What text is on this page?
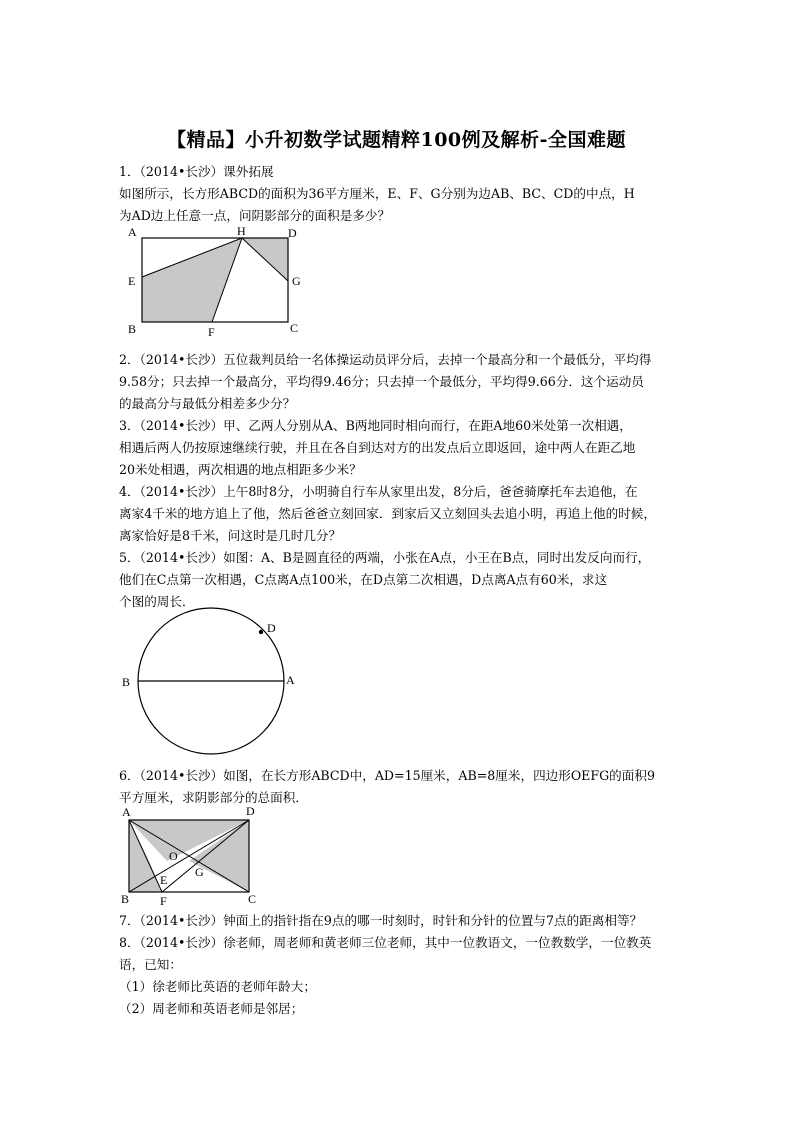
【精品】小升初数学试题精粹100例及解析-全国难题
1．（2014•长沙）课外拓展
如图所示，长方形ABCD的面积为36平方厘米，E、F、G分别为边AB、BC、CD的中点，H
为AD边上任意一点，问阴影部分的面积是多少？
A	H	D
E	G
B	F	C
2．（2014•长沙）五位裁判员给一名体操运动员评分后，去掉一个最高分和一个最低分，平均得
9.58分；只去掉一个最高分，平均得9.46分；只去掉一个最低分，平均得9.66分．这个运动员
的最高分与最低分相差多少分？
3．（2014•长沙）甲、乙两人分别从A、B两地同时相向而行，在距A地60米处第一次相遇，
相遇后两人仍按原速继续行驶，并且在各自到达对方的出发点后立即返回，途中两人在距乙地
20米处相遇，两次相遇的地点相距多少米？
4．（2014•长沙）上午8时8分，小明骑自行车从家里出发，8分后，爸爸骑摩托车去追他，在
离家4千米的地方追上了他，然后爸爸立刻回家．到家后又立刻回头去追小明，再追上他的时候，
离家恰好是8千米，问这时是几时几分？
5．（2014•长沙）如图：A、B是圆直径的两端，小张在A点，小王在B点，同时出发反向而行，
他们在C点第一次相遇，C点离A点100米，在D点第二次相遇，D点离A点有60米，求这
个图的周长．
D
B	A
6．（2014•长沙）如图，在长方形ABCD中，AD=15厘米，AB=8厘米，四边形OEFG的面积9
平方厘米，求阴影部分的总面积．
A	D
O
E
G
B	F	C
7．（2014•长沙）钟面上的指针指在9点的哪一时刻时，时针和分针的位置与7点的距离相等？
8．（2014•长沙）徐老师，周老师和黄老师三位老师，其中一位教语文，一位教数学，一位教英
语，已知：
（1）徐老师比英语的老师年龄大；
（2）周老师和英语老师是邻居；
